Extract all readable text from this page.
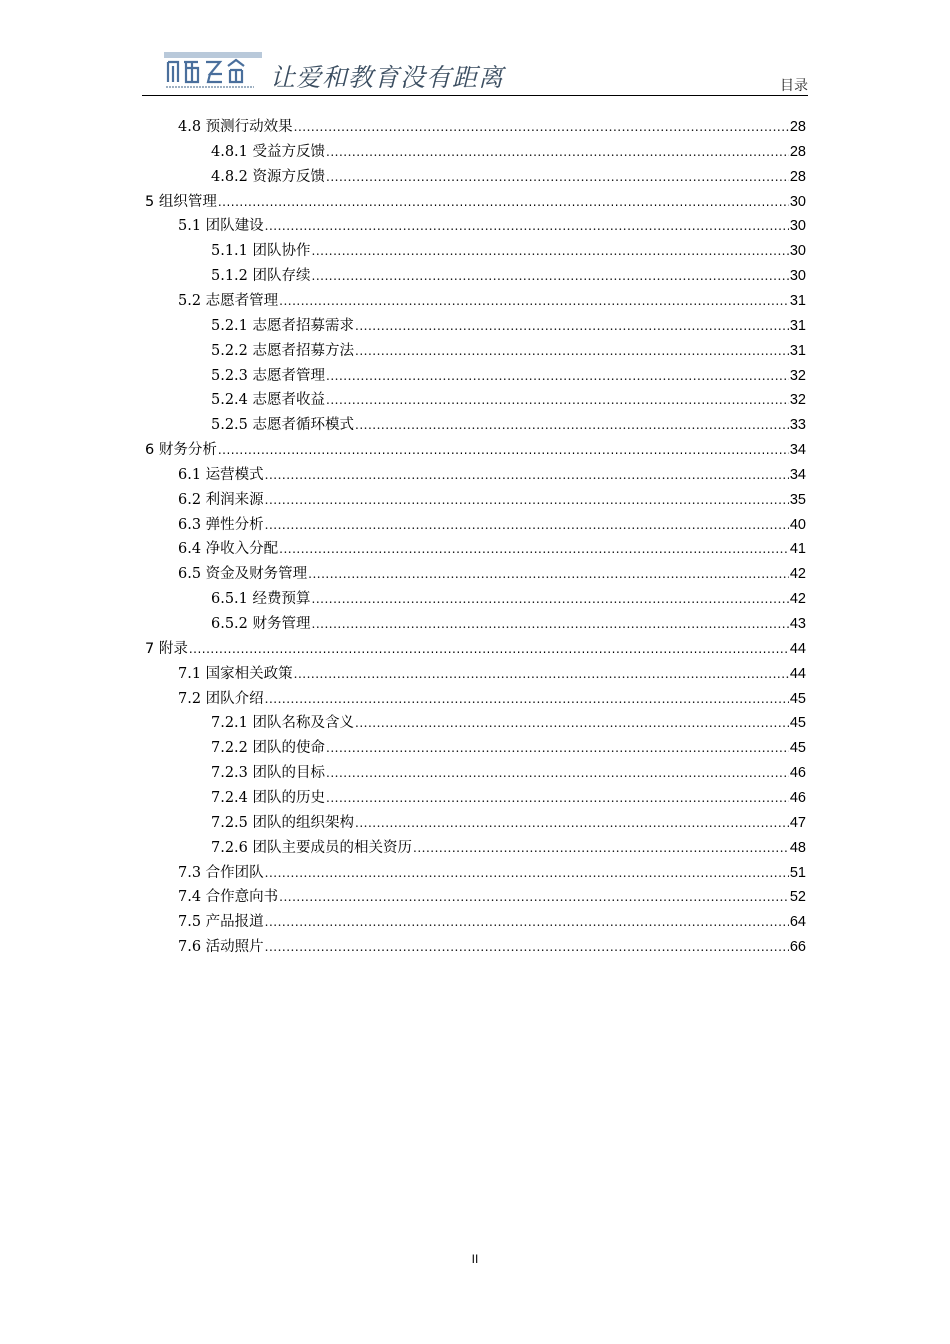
让爱和教育没有距离	目录
4.8 预测行动效果 .....	28
4.8.1 受益方反馈 .....	28
4.8.2 资源方反馈 .....	28
5 组织管理 .....	30
5.1 团队建设 .....	30
5.1.1 团队协作 .....	30
5.1.2 团队存续 .....	30
5.2 志愿者管理 .....	31
5.2.1 志愿者招募需求 .....	31
5.2.2 志愿者招募方法 .....	31
5.2.3 志愿者管理 .....	32
5.2.4 志愿者收益 .....	32
5.2.5 志愿者循环模式 .....	33
6 财务分析 .....	34
6.1 运营模式 .....	34
6.2 利润来源 .....	35
6.3 弹性分析 .....	40
6.4 净收入分配 .....	41
6.5 资金及财务管理 .....	42
6.5.1 经费预算 .....	42
6.5.2 财务管理 .....	43
7 附录 .....	44
7.1 国家相关政策 .....	44
7.2 团队介绍 .....	45
7.2.1 团队名称及含义 .....	45
7.2.2 团队的使命 .....	45
7.2.3 团队的目标 .....	46
7.2.4 团队的历史 .....	46
7.2.5 团队的组织架构 .....	47
7.2.6 团队主要成员的相关资历 .....	48
7.3 合作团队 .....	51
7.4 合作意向书 .....	52
7.5 产品报道 .....	64
7.6 活动照片 .....	66
II
